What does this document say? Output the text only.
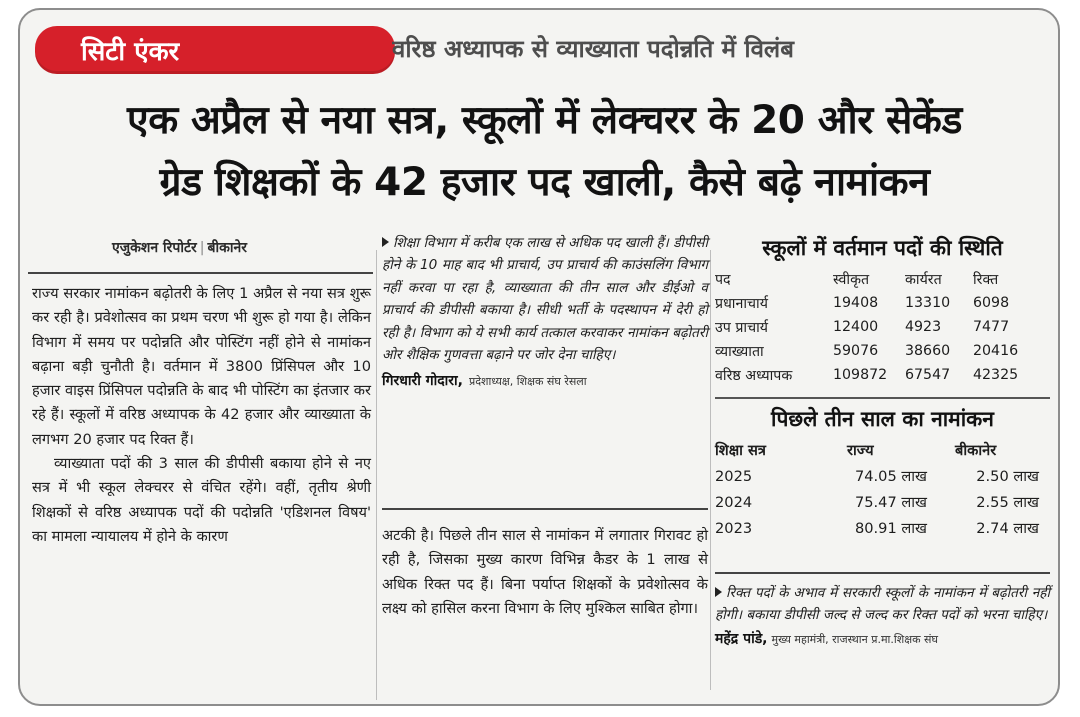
सिटी एंकर	वरिष्ठ अध्यापक से व्याख्याता पदोन्नति में विलंब
एक अप्रैल से नया सत्र, स्कूलों में लेक्चरर के 20 और सेकेंड
ग्रेड शिक्षकों के 42 हजार पद खाली, कैसे बढ़े नामांकन
एजुकेशन रिपोर्टर | बीकानेर

राज्य सरकार नामांकन बढ़ोतरी के लिए 1 अप्रैल से नया सत्र शुरू कर रही है। प्रवेशोत्सव का प्रथम चरण भी शुरू हो गया है। लेकिन विभाग में समय पर पदोन्नति और पोस्टिंग नहीं होने से नामांकन बढ़ाना बड़ी चुनौती है। वर्तमान में 3800 प्रिंसिपल और 10 हजार वाइस प्रिंसिपल पदोन्नति के बाद भी पोस्टिंग का इंतजार कर रहे हैं। स्कूलों में वरिष्ठ अध्यापक के 42 हजार और व्याख्याता के लगभग 20 हजार पद रिक्त हैं।

व्याख्याता पदों की 3 साल की डीपीसी बकाया होने से नए सत्र में भी स्कूल लेक्चरर से वंचित रहेंगे। वहीं, तृतीय श्रेणी शिक्षकों से वरिष्ठ अध्यापक पदों की पदोन्नति 'एडिशनल विषय' का मामला न्यायालय में होने के कारण

शिक्षा विभाग में करीब एक लाख से अधिक पद खाली हैं। डीपीसी होने के 10 माह बाद भी प्राचार्य, उप प्राचार्य की काउंसलिंग विभाग नहीं करवा पा रहा है, व्याख्याता की तीन साल और डीईओ व प्राचार्य की डीपीसी बकाया है। सीधी भर्ती के पदस्थापन में देरी हो रही है। विभाग को ये सभी कार्य तत्काल करवाकर नामांकन बढ़ोतरी ओर शैक्षिक गुणवत्ता बढ़ाने पर जोर देना चाहिए।
गिरधारी गोदारा, प्रदेशाध्यक्ष, शिक्षक संघ रेसला
अटकी है। पिछले तीन साल से नामांकन में लगातार गिरावट हो रही है, जिसका मुख्य कारण विभिन्न कैडर के 1 लाख से अधिक रिक्त पद हैं। बिना पर्याप्त शिक्षकों के प्रवेशोत्सव के लक्ष्य को हासिल करना विभाग के लिए मुश्किल साबित होगा।
स्कूलों में वर्तमान पदों की स्थिति
पद	स्वीकृत	कार्यरत	रिक्त
प्रधानाचार्य	19408	13310	6098
उप प्राचार्य	12400	4923	7477
व्याख्याता	59076	38660	20416
वरिष्ठ अध्यापक	109872	67547	42325
पिछले तीन साल का नामांकन
शिक्षा सत्र	राज्य	बीकानेर
2025	74.05 लाख	2.50 लाख
2024	75.47 लाख	2.55 लाख
2023	80.91 लाख	2.74 लाख
रिक्त पदों के अभाव में सरकारी स्कूलों के नामांकन में बढ़ोतरी नहीं होगी। बकाया डीपीसी जल्द से जल्द कर रिक्त पदों को भरना चाहिए।
महेंद्र पांडे, मुख्य महामंत्री, राजस्थान प्र.मा.शिक्षक संघ
